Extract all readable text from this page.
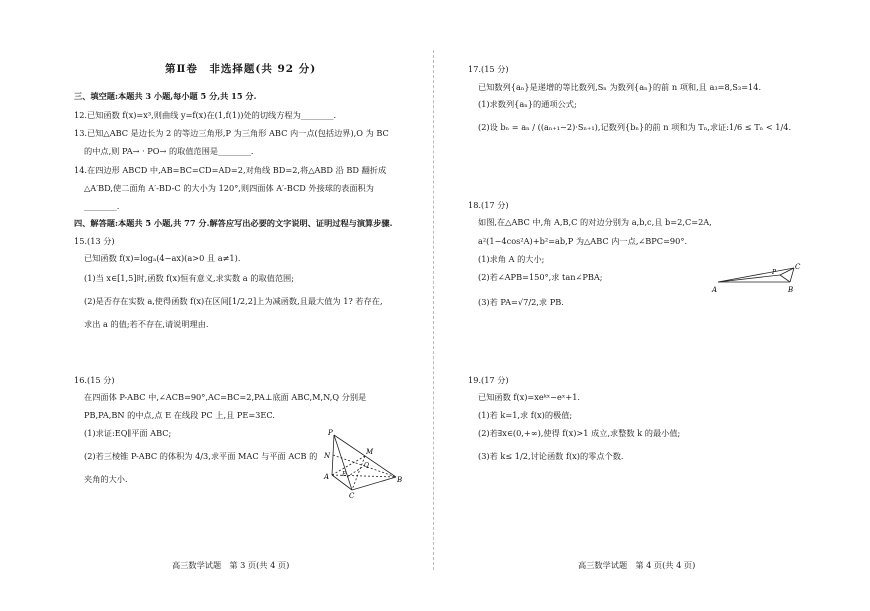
第Ⅱ卷　非选择题(共 92 分)
三、填空题:本题共 3 小题,每小题 5 分,共 15 分.
12.已知函数 f(x)=x³,则曲线 y=f(x)在(1,f(1))处的切线方程为________.
13.已知△ABC 是边长为 2 的等边三角形,P 为三角形 ABC 内一点(包括边界),O 为 BC
的中点,则 PA→ · PO→ 的取值范围是________.
14.在四边形 ABCD 中,AB=BC=CD=AD=2,对角线 BD=2,将△ABD 沿 BD 翻折成
△A′BD,使二面角 A′-BD-C 的大小为 120°,则四面体 A′-BCD 外接球的表面积为
________.
四、解答题:本题共 5 小题,共 77 分.解答应写出必要的文字说明、证明过程与演算步骤.
15.(13 分)
已知函数 f(x)=logₐ(4−ax)(a>0 且 a≠1).
(1)当 x∈[1,5]时,函数 f(x)恒有意义,求实数 a 的取值范围;
(2)是否存在实数 a,使得函数 f(x)在区间[1/2,2]上为减函数,且最大值为 1? 若存在,
求出 a 的值;若不存在,请说明理由.
16.(15 分)
在四面体 P-ABC 中,∠ACB=90°,AC=BC=2,PA⊥底面 ABC,M,N,Q 分别是
PB,PA,BN 的中点,点 E 在线段 PC 上,且 PE=3EC.
(1)求证:EQ∥平面 ABC;
(2)若三棱锥 P-ABC 的体积为 4/3,求平面 MAC 与平面 ACB 的
夹角的大小.
P
M
N
E
Q
A
C
B
高三数学试题　第 3 页(共 4 页)
17.(15 分)
已知数列{aₙ}是递增的等比数列,Sₙ 为数列{aₙ}的前 n 项和,且 a₃=8,S₃=14.
(1)求数列{aₙ}的通项公式;
(2)设 bₙ = aₙ / ((aₙ₊₁−2)·Sₙ₊₁),记数列{bₙ}的前 n 项和为 Tₙ,求证:1/6 ≤ Tₙ < 1/4.
18.(17 分)
如图,在△ABC 中,角 A,B,C 的对边分别为 a,b,c,且 b=2,C=2A,
a²(1−4cos²A)+b²=ab,P 为△ABC 内一点,∠BPC=90°.
(1)求角 A 的大小;
(2)若∠APB=150°,求 tan∠PBA;
(3)若 PA=√7/2,求 PB.
C
P
A	B
19.(17 分)
已知函数 f(x)=xeᵏˣ−eˣ+1.
(1)若 k=1,求 f(x)的极值;
(2)若∃x∈(0,+∞),使得 f(x)>1 成立,求整数 k 的最小值;
(3)若 k≤ 1/2,讨论函数 f(x)的零点个数.
高三数学试题　第 4 页(共 4 页)
